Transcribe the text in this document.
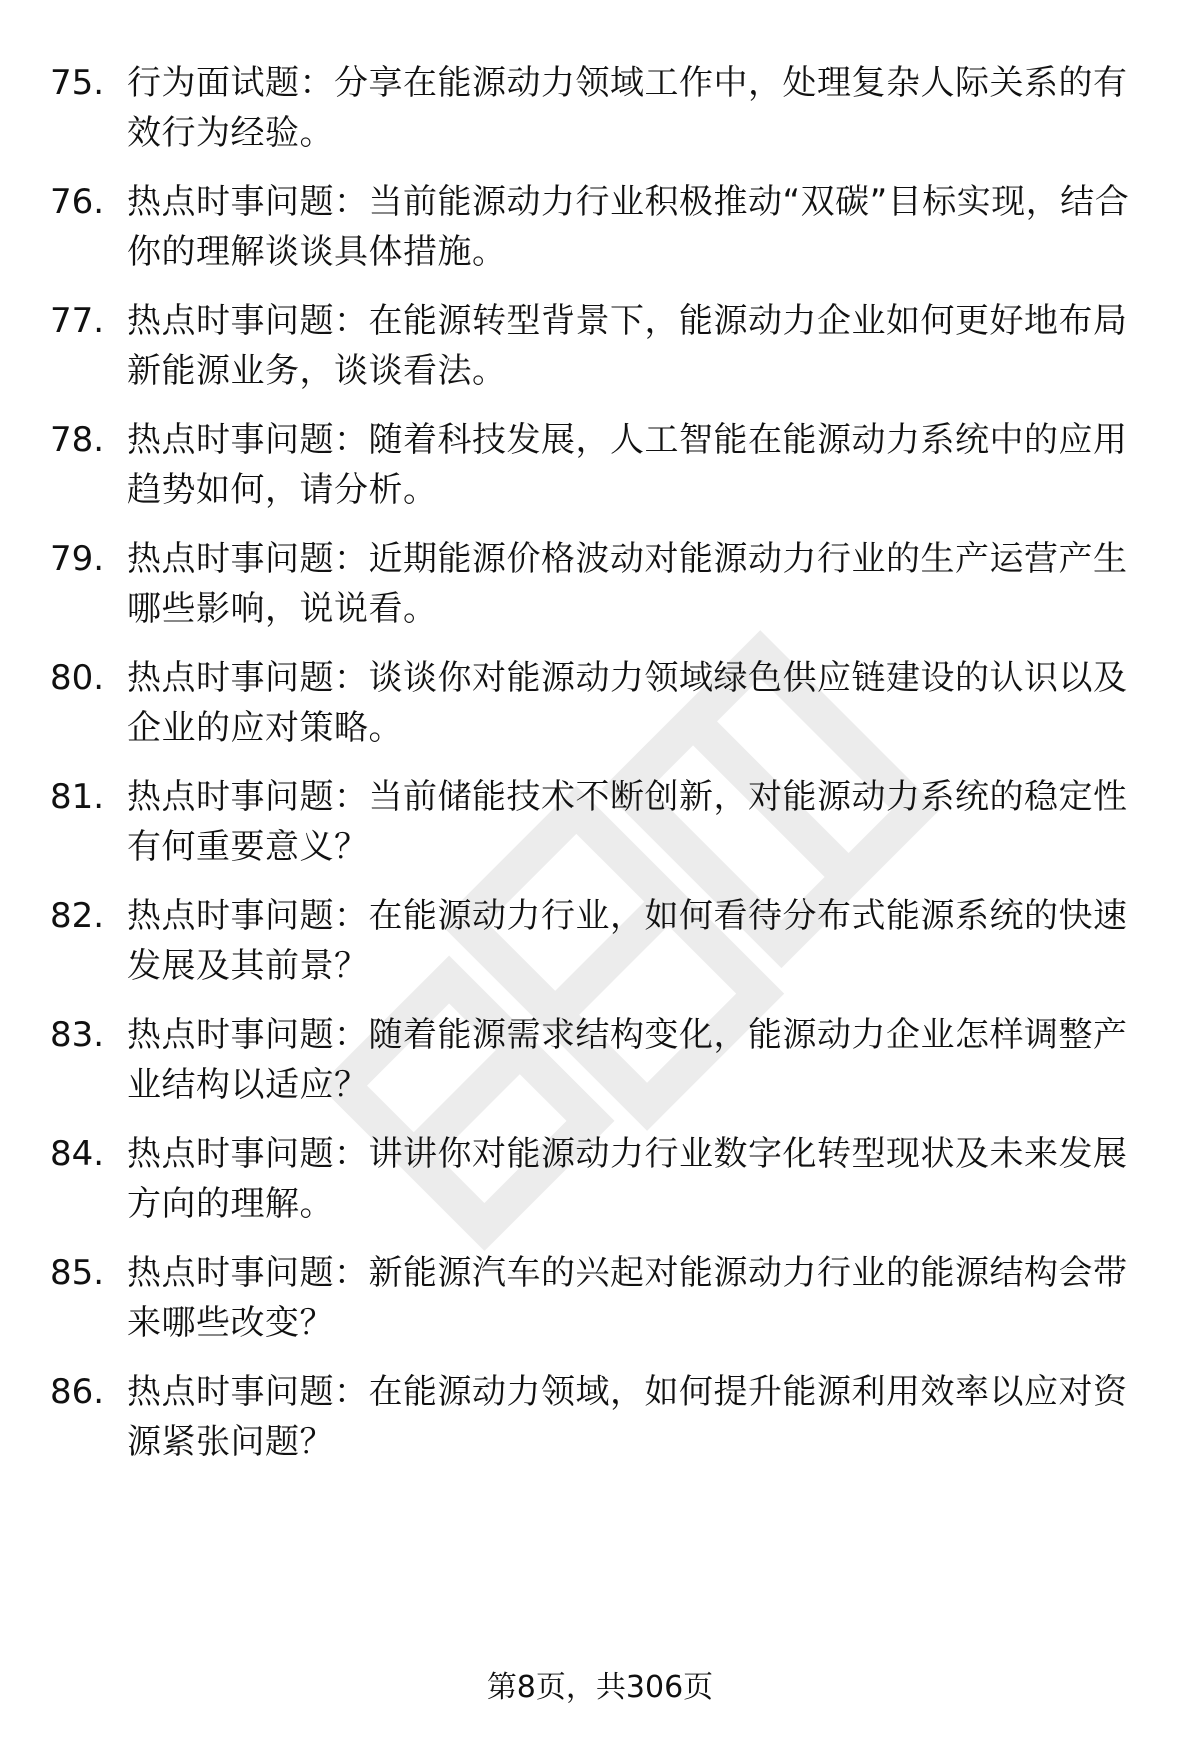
75. 行为面试题：分享在能源动力领域工作中，处理复杂人际关系的有效行为经验。
76. 热点时事问题：当前能源动力行业积极推动“双碳”目标实现，结合你的理解谈谈具体措施。
77. 热点时事问题：在能源转型背景下，能源动力企业如何更好地布局新能源业务，谈谈看法。
78. 热点时事问题：随着科技发展，人工智能在能源动力系统中的应用趋势如何，请分析。
79. 热点时事问题：近期能源价格波动对能源动力行业的生产运营产生哪些影响，说说看。
80. 热点时事问题：谈谈你对能源动力领域绿色供应链建设的认识以及企业的应对策略。
81. 热点时事问题：当前储能技术不断创新，对能源动力系统的稳定性有何重要意义？
82. 热点时事问题：在能源动力行业，如何看待分布式能源系统的快速发展及其前景？
83. 热点时事问题：随着能源需求结构变化，能源动力企业怎样调整产业结构以适应？
84. 热点时事问题：讲讲你对能源动力行业数字化转型现状及未来发展方向的理解。
85. 热点时事问题：新能源汽车的兴起对能源动力行业的能源结构会带来哪些改变？
86. 热点时事问题：在能源动力领域，如何提升能源利用效率以应对资源紧张问题？
第8页，共306页
